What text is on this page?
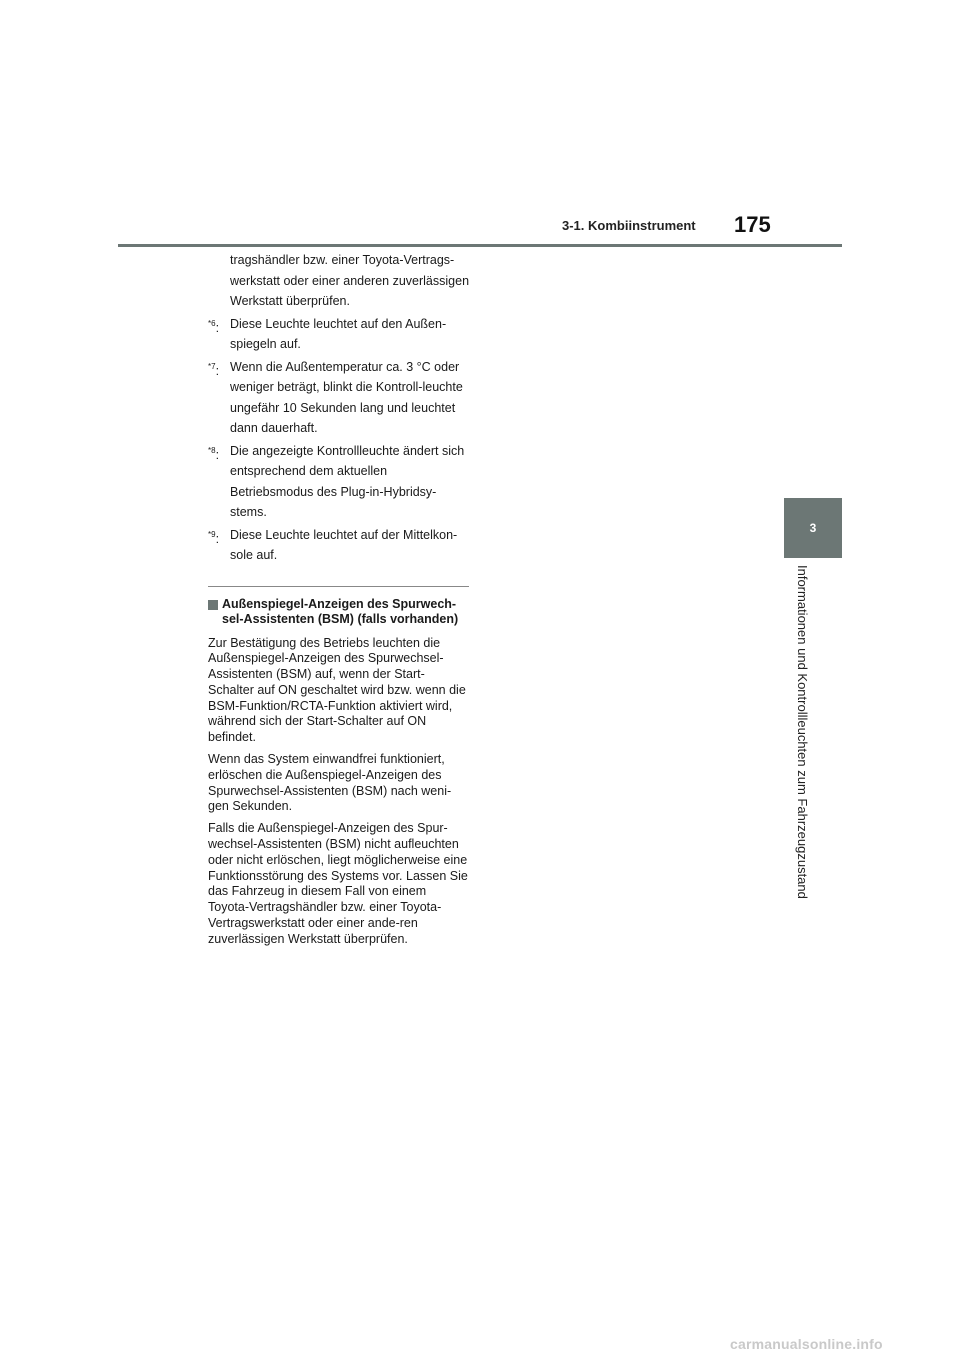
3-1. Kombiinstrument 175
3
Informationen und Kontrollleuchten zum Fahrzeugzustand

tragshändler bzw. einer Toyota-Vertrags-werkstatt oder einer anderen zuverlässigen Werkstatt überprüfen.

$^{*6}$: Diese Leuchte leuchtet auf den Außen-spiegeln auf.
$^{*7}$: Wenn die Außentemperatur ca. 3 °C oder weniger beträgt, blinkt die Kontroll-leuchte ungefähr 10 Sekunden lang und leuchtet dann dauerhaft.
$^{*8}$: Die angezeigte Kontrollleuchte ändert sich entsprechend dem aktuellen Betriebsmodus des Plug-in-Hybridsy-stems.
$^{*9}$: Diese Leuchte leuchtet auf der Mittelkon-sole auf.
Außenspiegel-Anzeigen des Spurwech-sel-Assistenten (BSM) (falls vorhanden)

Zur Bestätigung des Betriebs leuchten die Außenspiegel-Anzeigen des Spurwechsel-Assistenten (BSM) auf, wenn der Start-Schalter auf ON geschaltet wird bzw. wenn die BSM-Funktion/RCTA-Funktion aktiviert wird, während sich der Start-Schalter auf ON befindet.

Wenn das System einwandfrei funktioniert, erlöschen die Außenspiegel-Anzeigen des Spurwechsel-Assistenten (BSM) nach weni-gen Sekunden.

Falls die Außenspiegel-Anzeigen des Spur-wechsel-Assistenten (BSM) nicht aufleuchten oder nicht erlöschen, liegt möglicherweise eine Funktionsstörung des Systems vor. Lassen Sie das Fahrzeug in diesem Fall von einem Toyota-Vertragshändler bzw. einer Toyota-Vertragswerkstatt oder einer ande-ren zuverlässigen Werkstatt überprüfen.

carmanualsonline.info
